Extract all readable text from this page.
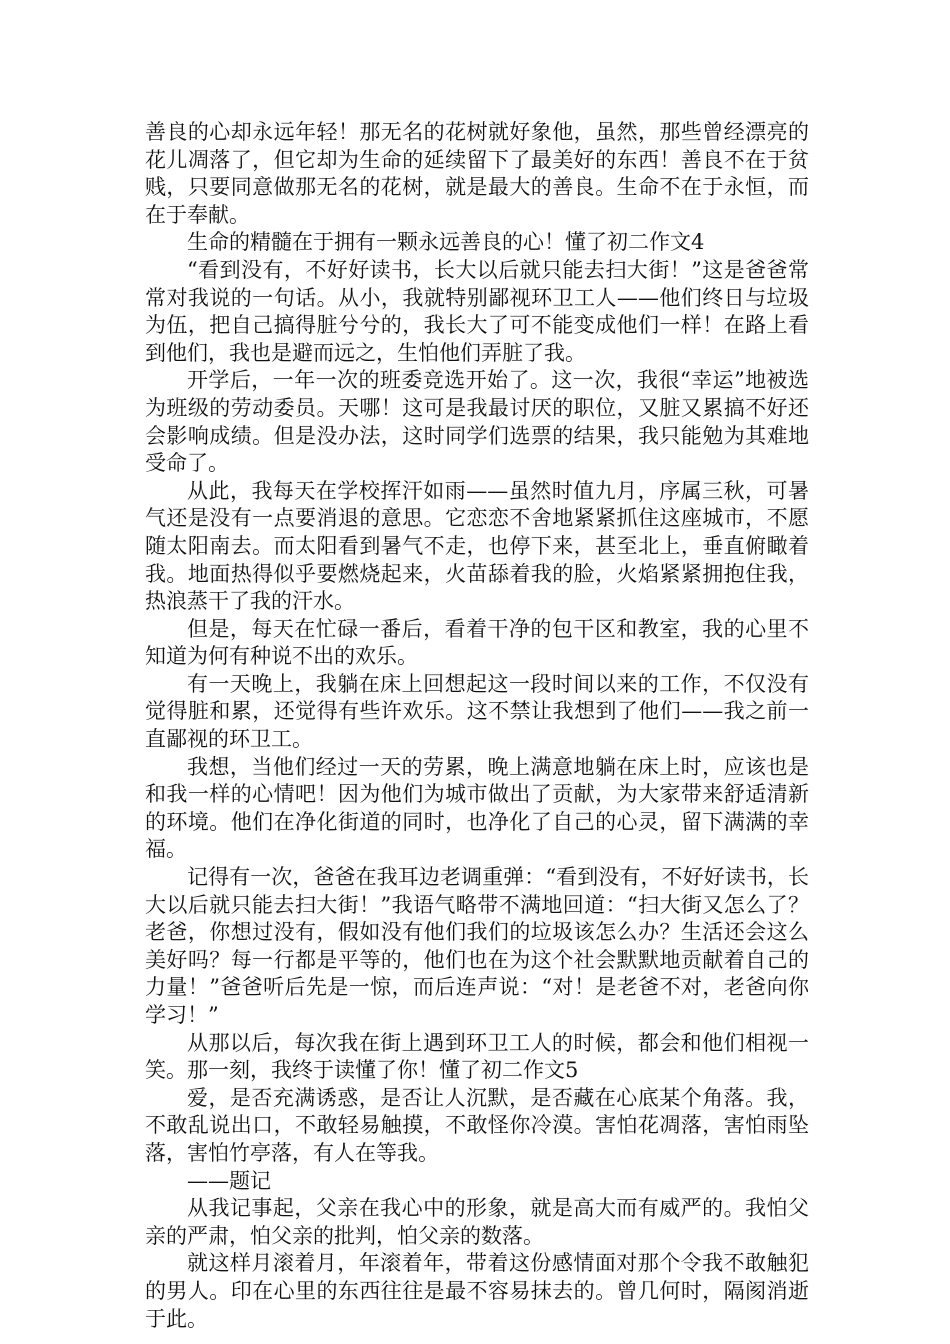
善良的心却永远年轻！那无名的花树就好象他，虽然，那些曾经漂亮的花儿凋落了，但它却为生命的延续留下了最美好的东西！善良不在于贫贱，只要同意做那无名的花树，就是最大的善良。生命不在于永恒，而在于奉献。

生命的精髓在于拥有一颗永远善良的心！懂了初二作文4

“看到没有，不好好读书，长大以后就只能去扫大街！”这是爸爸常常对我说的一句话。从小，我就特别鄙视环卫工人——他们终日与垃圾为伍，把自己搞得脏兮兮的，我长大了可不能变成他们一样！在路上看到他们，我也是避而远之，生怕他们弄脏了我。

开学后，一年一次的班委竞选开始了。这一次，我很“幸运”地被选为班级的劳动委员。天哪！这可是我最讨厌的职位，又脏又累搞不好还会影响成绩。但是没办法，这时同学们选票的结果，我只能勉为其难地受命了。

从此，我每天在学校挥汗如雨——虽然时值九月，序属三秋，可暑气还是没有一点要消退的意思。它恋恋不舍地紧紧抓住这座城市，不愿随太阳南去。而太阳看到暑气不走，也停下来，甚至北上，垂直俯瞰着我。地面热得似乎要燃烧起来，火苗舔着我的脸，火焰紧紧拥抱住我，热浪蒸干了我的汗水。

但是，每天在忙碌一番后，看着干净的包干区和教室，我的心里不知道为何有种说不出的欢乐。

有一天晚上，我躺在床上回想起这一段时间以来的工作，不仅没有觉得脏和累，还觉得有些许欢乐。这不禁让我想到了他们——我之前一直鄙视的环卫工。

我想，当他们经过一天的劳累，晚上满意地躺在床上时，应该也是和我一样的心情吧！因为他们为城市做出了贡献，为大家带来舒适清新的环境。他们在净化街道的同时，也净化了自己的心灵，留下满满的幸福。

记得有一次，爸爸在我耳边老调重弹：“看到没有，不好好读书，长大以后就只能去扫大街！”我语气略带不满地回道：“扫大街又怎么了？老爸，你想过没有，假如没有他们我们的垃圾该怎么办？生活还会这么美好吗？每一行都是平等的，他们也在为这个社会默默地贡献着自己的力量！”爸爸听后先是一惊，而后连声说：“对！是老爸不对，老爸向你学习！”

从那以后，每次我在街上遇到环卫工人的时候，都会和他们相视一笑。那一刻，我终于读懂了你！懂了初二作文5

爱，是否充满诱惑，是否让人沉默，是否藏在心底某个角落。我，不敢乱说出口，不敢轻易触摸，不敢怪你冷漠。害怕花凋落，害怕雨坠落，害怕竹亭落，有人在等我。

——题记

从我记事起，父亲在我心中的形象，就是高大而有威严的。我怕父亲的严肃，怕父亲的批判，怕父亲的数落。

就这样月滚着月，年滚着年，带着这份感情面对那个令我不敢触犯的男人。印在心里的东西往往是最不容易抹去的。曾几何时，隔阂消逝于此。
